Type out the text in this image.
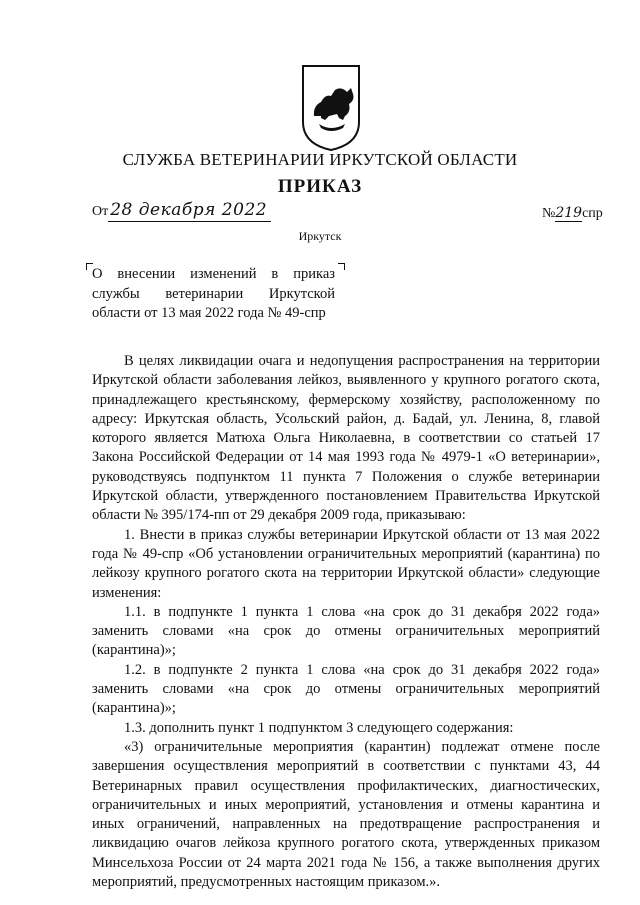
СЛУЖБА ВЕТЕРИНАРИИ ИРКУТСКОЙ ОБЛАСТИ
ПРИКАЗ
От 28 декабря 2022	№219спр
Иркутск
О внесении изменений в приказ службы ветеринарии Иркутской области от 13 мая 2022 года № 49-спр

В целях ликвидации очага и недопущения распространения на территории Иркутской области заболевания лейкоз, выявленного у крупного рогатого скота, принадлежащего крестьянскому, фермерскому хозяйству, расположенному по адресу: Иркутская область, Усольский район, д. Бадай, ул. Ленина, 8, главой которого является Матюха Ольга Николаевна, в соответствии со статьей 17 Закона Российской Федерации от 14 мая 1993 года № 4979-1 «О ветеринарии», руководствуясь подпунктом 11 пункта 7 Положения о службе ветеринарии Иркутской области, утвержденного постановлением Правительства Иркутской области № 395/174-пп от 29 декабря 2009 года, приказываю:

1. Внести в приказ службы ветеринарии Иркутской области от 13 мая 2022 года № 49-спр «Об установлении ограничительных мероприятий (карантина) по лейкозу крупного рогатого скота на территории Иркутской области» следующие изменения:

1.1. в подпункте 1 пункта 1 слова «на срок до 31 декабря 2022 года» заменить словами «на срок до отмены ограничительных мероприятий (карантина)»;

1.2. в подпункте 2 пункта 1 слова «на срок до 31 декабря 2022 года» заменить словами «на срок до отмены ограничительных мероприятий (карантина)»;

1.3. дополнить пункт 1 подпунктом 3 следующего содержания:

«3) ограничительные мероприятия (карантин) подлежат отмене после завершения осуществления мероприятий в соответствии с пунктами 43, 44 Ветеринарных правил осуществления профилактических, диагностических, ограничительных и иных мероприятий, установления и отмены карантина и иных ограничений, направленных на предотвращение распространения и ликвидацию очагов лейкоза крупного рогатого скота, утвержденных приказом Минсельхоза России от 24 марта 2021 года № 156, а также выполнения других мероприятий, предусмотренных настоящим приказом.».
